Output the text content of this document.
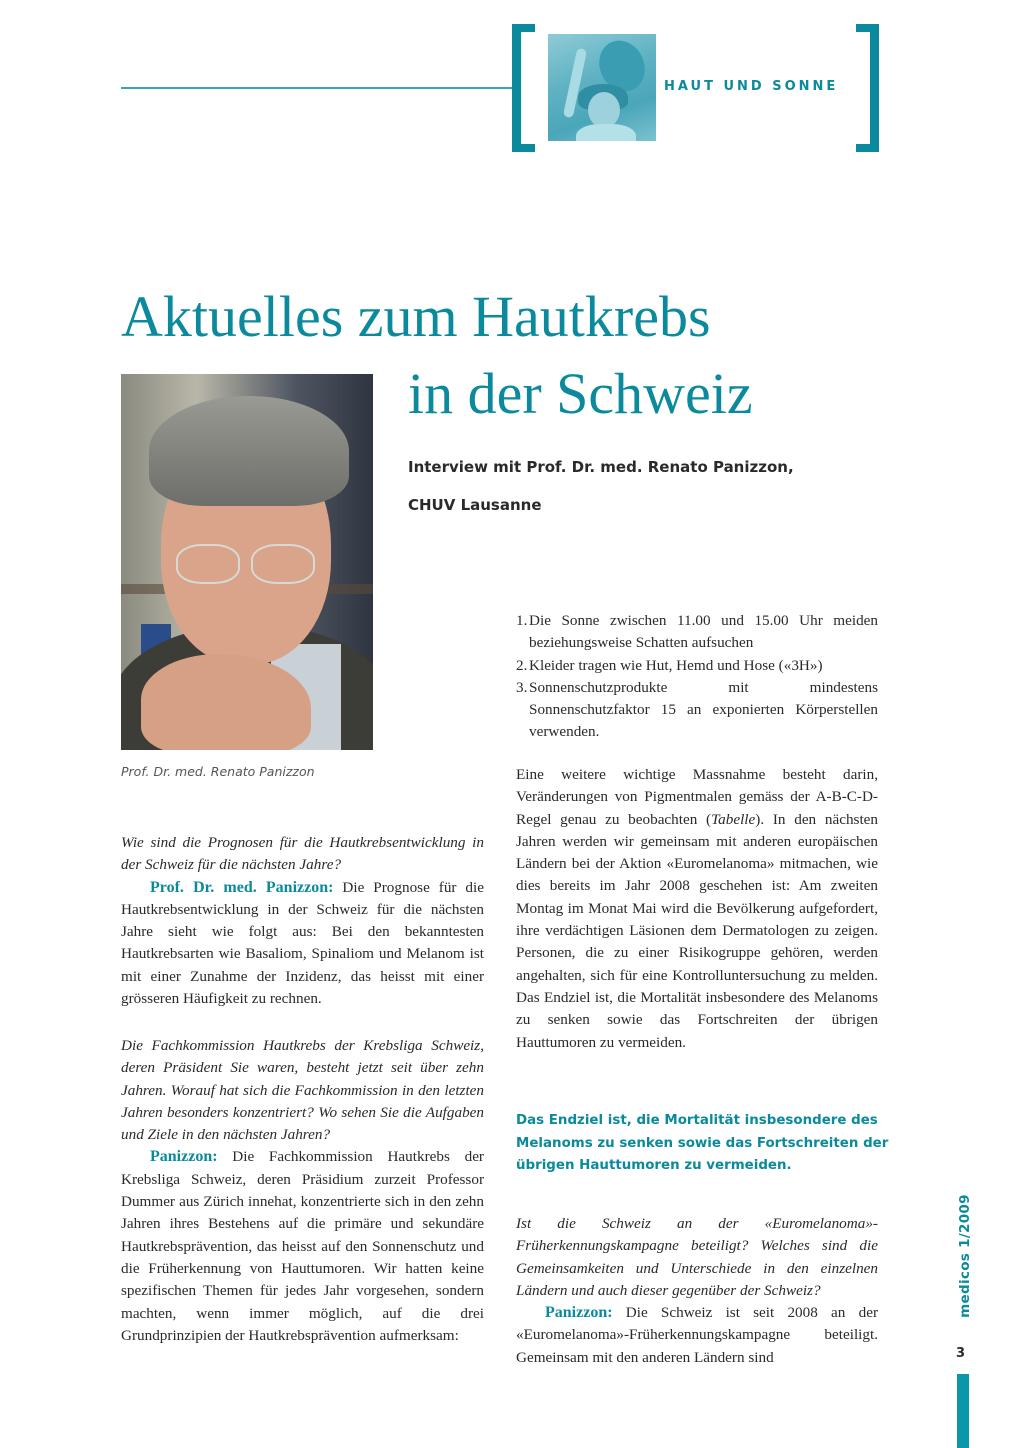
HAUT UND SONNE
Aktuelles zum Hautkrebs
in der Schweiz
Interview mit Prof. Dr. med. Renato Panizzon,
CHUV Lausanne
Prof. Dr. med. Renato Panizzon

Wie sind die Prognosen für die Hautkrebsentwicklung in der Schweiz für die nächsten Jahre?

Prof. Dr. med. Panizzon: Die Prognose für die Hautkrebsentwicklung in der Schweiz für die nächsten Jahre sieht wie folgt aus: Bei den bekanntesten Hautkrebsarten wie Basaliom, Spinaliom und Melanom ist mit einer Zunahme der Inzidenz, das heisst mit einer grösseren Häufigkeit zu rechnen.

Die Fachkommission Hautkrebs der Krebsliga Schweiz, deren Präsident Sie waren, besteht jetzt seit über zehn Jahren. Worauf hat sich die Fachkommission in den letzten Jahren besonders konzentriert? Wo sehen Sie die Aufgaben und Ziele in den nächsten Jahren?

Panizzon: Die Fachkommission Hautkrebs der Krebsliga Schweiz, deren Präsidium zurzeit Professor Dummer aus Zürich innehat, konzentrierte sich in den zehn Jahren ihres Bestehens auf die primäre und sekundäre Hautkrebsprävention, das heisst auf den Sonnenschutz und die Früherkennung von Hauttumoren. Wir hatten keine spezifischen Themen für jedes Jahr vorgesehen, sondern machten, wenn immer möglich, auf die drei Grundprinzipien der Hautkrebsprävention aufmerksam:

1. Die Sonne zwischen 11.00 und 15.00 Uhr meiden beziehungsweise Schatten aufsuchen
2. Kleider tragen wie Hut, Hemd und Hose («3H»)
3. Sonnenschutzprodukte mit mindestens Sonnenschutzfaktor 15 an exponierten Körperstellen verwenden.

Eine weitere wichtige Massnahme besteht darin, Veränderungen von Pigmentmalen gemäss der A-B-C-D-Regel genau zu beobachten (Tabelle). In den nächsten Jahren werden wir gemeinsam mit anderen europäischen Ländern bei der Aktion «Euromelanoma» mitmachen, wie dies bereits im Jahr 2008 geschehen ist: Am zweiten Montag im Monat Mai wird die Bevölkerung aufgefordert, ihre verdächtigen Läsionen dem Dermatologen zu zeigen. Personen, die zu einer Risikogruppe gehören, werden angehalten, sich für eine Kontrolluntersuchung zu melden. Das Endziel ist, die Mortalität insbesondere des Melanoms zu senken sowie das Fortschreiten der übrigen Hauttumoren zu vermeiden.

Das Endziel ist, die Mortalität insbesondere des
Melanoms zu senken sowie das Fortschreiten der
übrigen Hauttumoren zu vermeiden.

Ist die Schweiz an der «Euromelanoma»-Früherkennungskampagne beteiligt? Welches sind die Gemeinsamkeiten und Unterschiede in den einzelnen Ländern und auch dieser gegenüber der Schweiz?

Panizzon: Die Schweiz ist seit 2008 an der «Euromelanoma»-Früherkennungskampagne beteiligt. Gemeinsam mit den anderen Ländern sind

medicos 1/2009
3
